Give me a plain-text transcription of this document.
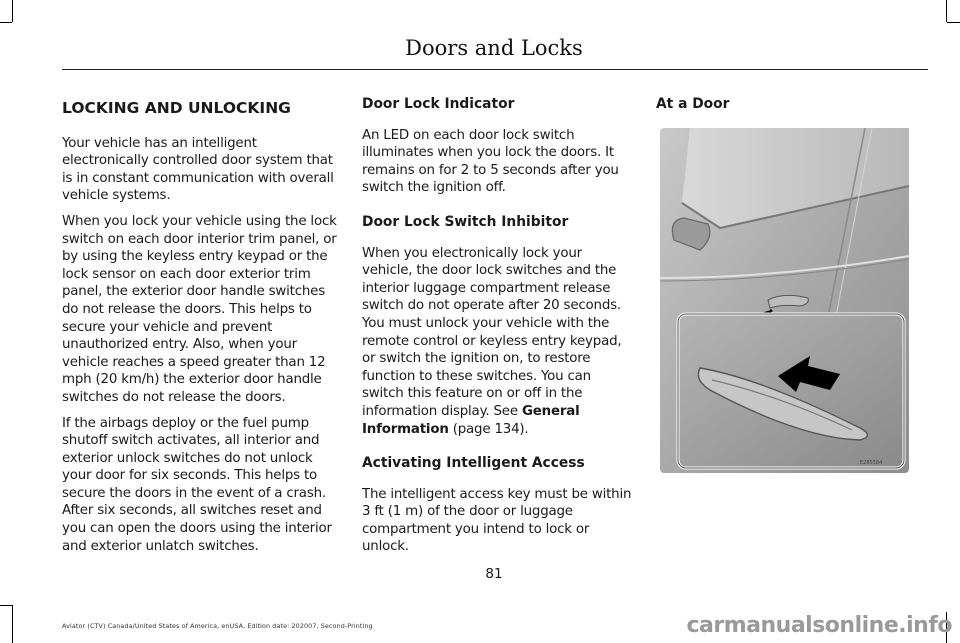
Doors and Locks
LOCKING AND UNLOCKING

Your vehicle has an intelligent electronically controlled door system that is in constant communication with overall vehicle systems.

When you lock your vehicle using the lock switch on each door interior trim panel, or by using the keyless entry keypad or the lock sensor on each door exterior trim panel, the exterior door handle switches do not release the doors. This helps to secure your vehicle and prevent unauthorized entry. Also, when your vehicle reaches a speed greater than 12 mph (20 km/h) the exterior door handle switches do not release the doors.

If the airbags deploy or the fuel pump shutoff switch activates, all interior and exterior unlock switches do not unlock your door for six seconds. This helps to secure the doors in the event of a crash. After six seconds, all switches reset and you can open the doors using the interior and exterior unlatch switches.

Door Lock Indicator

An LED on each door lock switch illuminates when you lock the doors. It remains on for 2 to 5 seconds after you switch the ignition off.

Door Lock Switch Inhibitor

When you electronically lock your vehicle, the door lock switches and the interior luggage compartment release switch do not operate after 20 seconds. You must unlock your vehicle with the remote control or keyless entry keypad, or switch the ignition on, to restore function to these switches. You can switch this feature on or off in the information display. See General Information (page 134).

Activating Intelligent Access

The intelligent access key must be within 3 ft (1 m) of the door or luggage compartment you intend to lock or unlock.

At a Door
E285584
81
Aviator (CTV) Canada/United States of America, enUSA, Edition date: 202007, Second-Printing	carmanualsonline.info
